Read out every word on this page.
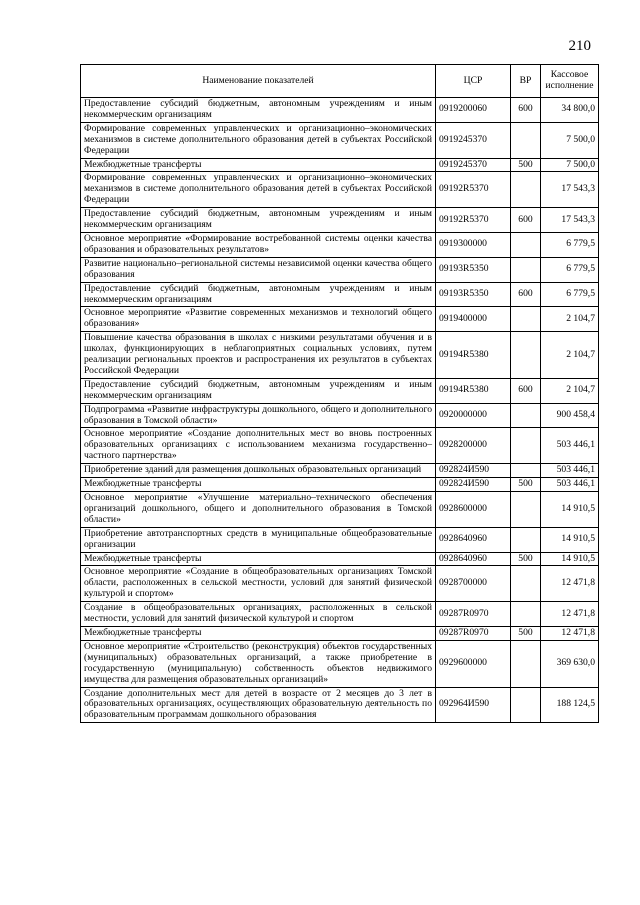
210
Наименование показателей	ЦСР	ВР	Кассовое исполнение
Предоставление субсидий бюджетным, автономным учреждениям и иным некоммерческим организациям	0919200060	600	34 800,0
Формирование современных управленческих и организационно–экономических механизмов в системе дополнительного образования детей в субъектах Российской Федерации	0919245370		7 500,0
Межбюджетные трансферты	0919245370	500	7 500,0
Формирование современных управленческих и организационно–экономических механизмов в системе дополнительного образования детей в субъектах Российской Федерации	09192R5370		17 543,3
Предоставление субсидий бюджетным, автономным учреждениям и иным некоммерческим организациям	09192R5370	600	17 543,3
Основное мероприятие «Формирование востребованной системы оценки качества образования и образовательных результатов»	0919300000		6 779,5
Развитие национально–региональной системы независимой оценки качества общего образования	09193R5350		6 779,5
Предоставление субсидий бюджетным, автономным учреждениям и иным некоммерческим организациям	09193R5350	600	6 779,5
Основное мероприятие «Развитие современных механизмов и технологий общего образования»	0919400000		2 104,7
Повышение качества образования в школах с низкими результатами обучения и в школах, функционирующих в неблагоприятных социальных условиях, путем реализации региональных проектов и распространения их результатов в субъектах Российской Федерации	09194R5380		2 104,7
Предоставление субсидий бюджетным, автономным учреждениям и иным некоммерческим организациям	09194R5380	600	2 104,7
Подпрограмма «Развитие инфраструктуры дошкольного, общего и дополнительного образования в Томской области»	0920000000		900 458,4
Основное мероприятие «Создание дополнительных мест во вновь построенных образовательных организациях с использованием механизма государственно–частного партнерства»	0928200000		503 446,1
Приобретение зданий для размещения дошкольных образовательных организаций	092824И590		503 446,1
Межбюджетные трансферты	092824И590	500	503 446,1
Основное мероприятие «Улучшение материально–технического обеспечения организаций дошкольного, общего и дополнительного образования в Томской области»	0928600000		14 910,5
Приобретение автотранспортных средств в муниципальные общеобразовательные организации	0928640960		14 910,5
Межбюджетные трансферты	0928640960	500	14 910,5
Основное мероприятие «Создание в общеобразовательных организациях Томской области, расположенных в сельской местности, условий для занятий физической культурой и спортом»	0928700000		12 471,8
Создание в общеобразовательных организациях, расположенных в сельской местности, условий для занятий физической культурой и спортом	09287R0970		12 471,8
Межбюджетные трансферты	09287R0970	500	12 471,8
Основное мероприятие «Строительство (реконструкция) объектов государственных (муниципальных) образовательных организаций, а также приобретение в государственную (муниципальную) собственность объектов недвижимого имущества для размещения образовательных организаций»	0929600000		369 630,0
Создание дополнительных мест для детей в возрасте от 2 месяцев до 3 лет в образовательных организациях, осуществляющих образовательную деятельность по образовательным программам дошкольного образования	092964И590		188 124,5
